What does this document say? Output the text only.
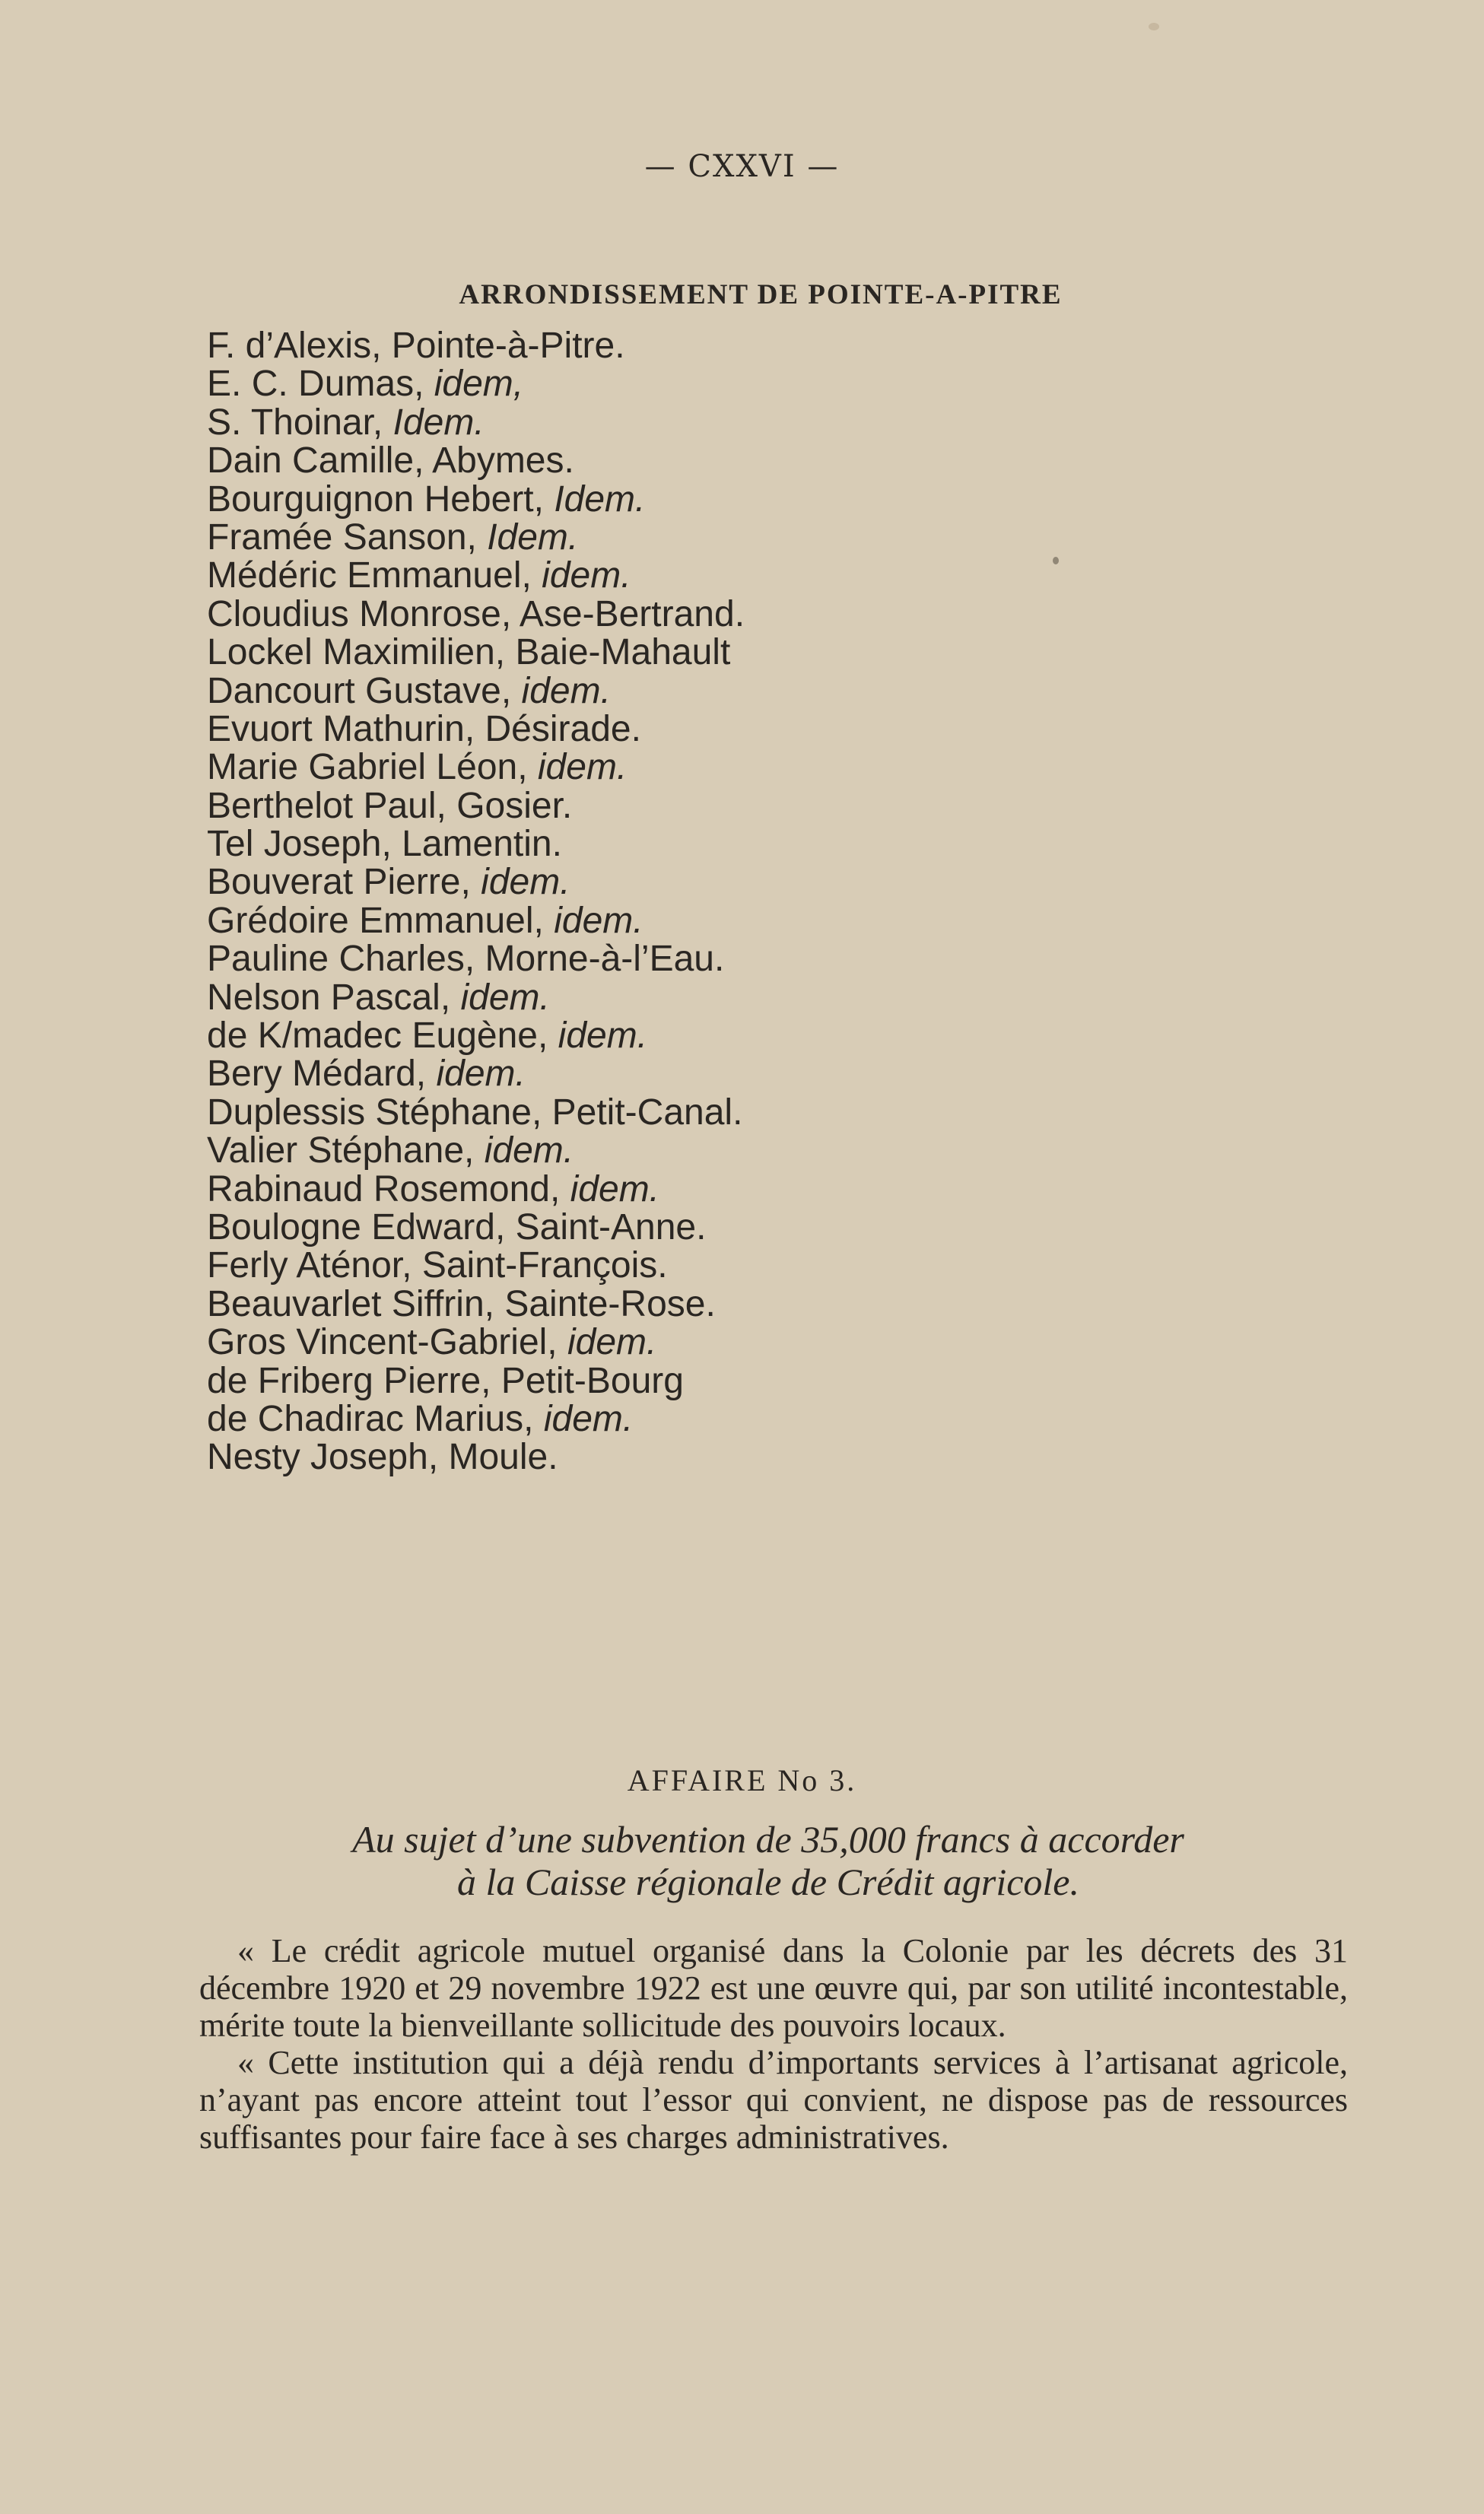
— CXXVI —
ARRONDISSEMENT DE POINTE-A-PITRE
F. d’Alexis, Pointe-à-Pitre.
E. C. Dumas, idem,
S. Thoinar, Idem.
Dain Camille, Abymes.
Bourguignon Hebert, Idem.
Framée Sanson, Idem.
Médéric Emmanuel, idem.
Cloudius Monrose, Ase-Bertrand.
Lockel Maximilien, Baie-Mahault
Dancourt Gustave, idem.
Evuort Mathurin, Désirade.
Marie Gabriel Léon, idem.
Berthelot Paul, Gosier.
Tel Joseph, Lamentin.
Bouverat Pierre, idem.
Grédoire Emmanuel, idem.
Pauline Charles, Morne-à-l’Eau.
Nelson Pascal, idem.
de K/madec Eugène, idem.
Bery Médard, idem.
Duplessis Stéphane, Petit-Canal.
Valier Stéphane, idem.
Rabinaud Rosemond, idem.
Boulogne Edward, Saint-Anne.
Ferly Aténor, Saint-François.
Beauvarlet Siffrin, Sainte-Rose.
Gros Vincent-Gabriel, idem.
de Friberg Pierre, Petit-Bourg
de Chadirac Marius, idem.
Nesty Joseph, Moule.
AFFAIRE No 3.
Au sujet d’une subvention de 35,000 francs à accorder
à la Caisse régionale de Crédit agricole.

« Le crédit agricole mutuel organisé dans la Colonie par les décrets des 31 décembre 1920 et 29 novembre 1922 est une œuvre qui, par son utilité incontestable, mérite toute la bienveillante sollicitude des pouvoirs locaux.

« Cette institution qui a déjà rendu d’importants services à l’artisanat agricole, n’ayant pas encore atteint tout l’essor qui convient, ne dispose pas de ressources suffisantes pour faire face à ses charges administratives.
